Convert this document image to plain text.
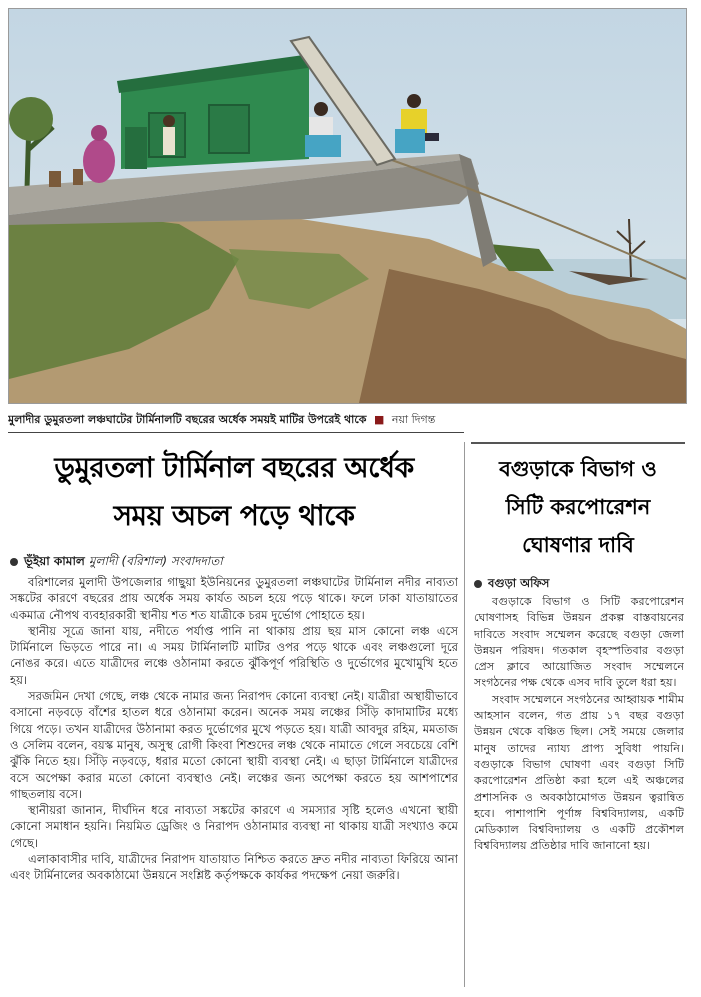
মুলাদীর ডুমুরতলা লঞ্চঘাটের টার্মিনালটি বছরের অর্ধেক সময়ই মাটির উপরেই থাকে ■ নয়া দিগন্ত
ডুমুরতলা টার্মিনাল বছরের অর্ধেক
সময় অচল পড়ে থাকে
ভূঁইয়া কামাল মুলাদী (বরিশাল) সংবাদদাতা

বরিশালের মুলাদী উপজেলার গাছুয়া ইউনিয়নের ডুমুরতলা লঞ্চঘাটের টার্মিনাল নদীর নাব্যতা সঙ্কটের কারণে বছরের প্রায় অর্ধেক সময় কার্যত অচল হয়ে পড়ে থাকে। ফলে ঢাকা যাতায়াতের একমাত্র নৌপথ ব্যবহারকারী স্থানীয় শত শত যাত্রীকে চরম দুর্ভোগ পোহাতে হয়।

স্থানীয় সূত্রে জানা যায়, নদীতে পর্যাপ্ত পানি না থাকায় প্রায় ছয় মাস কোনো লঞ্চ এসে টার্মিনালে ভিড়তে পারে না। এ সময় টার্মিনালটি মাটির ওপর পড়ে থাকে এবং লঞ্চগুলো দূরে নোঙর করে। এতে যাত্রীদের লঞ্চে ওঠানামা করতে ঝুঁকিপূর্ণ পরিস্থিতি ও দুর্ভোগের মুখোমুখি হতে হয়।

সরজমিন দেখা গেছে, লঞ্চ থেকে নামার জন্য নিরাপদ কোনো ব্যবস্থা নেই। যাত্রীরা অস্থায়ীভাবে বসানো নড়বড়ে বাঁশের হাতল ধরে ওঠানামা করেন। অনেক সময় লঞ্চের সিঁড়ি কাদামাটির মধ্যে গিয়ে পড়ে। তখন যাত্রীদের উঠানামা করত দুর্ভোগের মুখে পড়তে হয়। যাত্রী আবদুর রহিম, মমতাজ ও সেলিম বলেন, বয়স্ক মানুষ, অসুস্থ রোগী কিংবা শিশুদের লঞ্চ থেকে নামাতে গেলে সবচেয়ে বেশি ঝুঁকি নিতে হয়। সিঁড়ি নড়বড়ে, ধরার মতো কোনো স্থায়ী ব্যবস্থা নেই। এ ছাড়া টার্মিনালে যাত্রীদের বসে অপেক্ষা করার মতো কোনো ব্যবস্থাও নেই। লঞ্চের জন্য অপেক্ষা করতে হয় আশপাশের গাছতলায় বসে।

স্থানীয়রা জানান, দীর্ঘদিন ধরে নাব্যতা সঙ্কটের কারণে এ সমস্যার সৃষ্টি হলেও এখনো স্থায়ী কোনো সমাধান হয়নি। নিয়মিত ড্রেজিং ও নিরাপদ ওঠানামার ব্যবস্থা না থাকায় যাত্রী সংখ্যাও কমে গেছে।

এলাকাবাসীর দাবি, যাত্রীদের নিরাপদ যাতায়াত নিশ্চিত করতে দ্রুত নদীর নাব্যতা ফিরিয়ে আনা এবং টার্মিনালের অবকাঠামো উন্নয়নে সংশ্লিষ্ট কর্তৃপক্ষকে কার্যকর পদক্ষেপ নেয়া জরুরি।

বগুড়াকে বিভাগ ও
সিটি করপোরেশন
ঘোষণার দাবি
বগুড়া অফিস

বগুড়াকে বিভাগ ও সিটি করপোরেশন ঘোষণাসহ বিভিন্ন উন্নয়ন প্রকল্প বাস্তবায়নের দাবিতে সংবাদ সম্মেলন করেছে বগুড়া জেলা উন্নয়ন পরিষদ। গতকাল বৃহস্পতিবার বগুড়া প্রেস ক্লাবে আয়োজিত সংবাদ সম্মেলনে সংগঠনের পক্ষ থেকে এসব দাবি তুলে ধরা হয়।

সংবাদ সম্মেলনে সংগঠনের আহ্বায়ক শামীম আহসান বলেন, গত প্রায় ১৭ বছর বগুড়া উন্নয়ন থেকে বঞ্চিত ছিল। সেই সময়ে জেলার মানুষ তাদের ন্যায্য প্রাপ্য সুবিধা পায়নি। বগুড়াকে বিভাগ ঘোষণা এবং বগুড়া সিটি করপোরেশন প্রতিষ্ঠা করা হলে এই অঞ্চলের প্রশাসনিক ও অবকাঠামোগত উন্নয়ন ত্বরান্বিত হবে। পাশাপাশি পূর্ণাঙ্গ বিশ্ববিদ্যালয়, একটি মেডিক্যাল বিশ্ববিদ্যালয় ও একটি প্রকৌশল বিশ্ববিদ্যালয় প্রতিষ্ঠার দাবি জানানো হয়।
